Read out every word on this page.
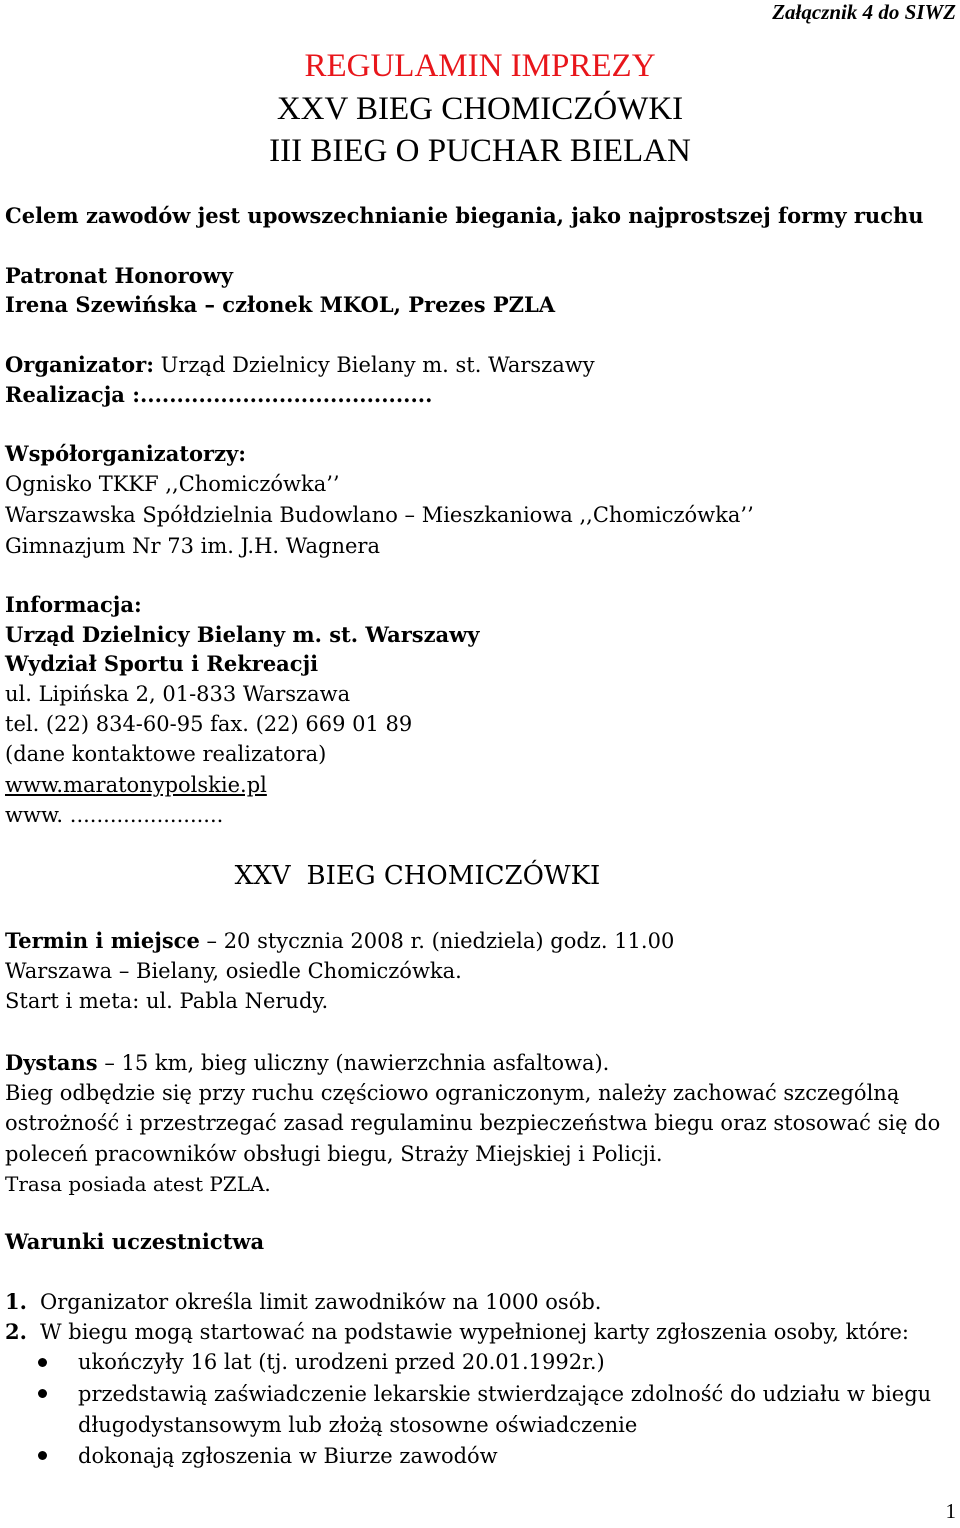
Załącznik 4 do SIWZ
REGULAMIN IMPREZY
XXV BIEG CHOMICZÓWKI
III BIEG O PUCHAR BIELAN
Celem zawodów jest upowszechnianie biegania, jako najprostszej formy ruchu
Patronat Honorowy
Irena Szewińska – członek MKOL, Prezes PZLA
Organizator: Urząd Dzielnicy Bielany m. st. Warszawy
Realizacja :........................................
Współorganizatorzy:
Ognisko TKKF ,,Chomiczówka’’
Warszawska Spółdzielnia Budowlano – Mieszkaniowa ,,Chomiczówka’’
Gimnazjum Nr 73 im. J.H. Wagnera
Informacja:
Urząd Dzielnicy Bielany m. st. Warszawy
Wydział Sportu i Rekreacji
ul. Lipińska 2, 01-833 Warszawa
tel. (22) 834-60-95 fax. (22) 669 01 89
(dane kontaktowe realizatora)
www.maratonypolskie.pl
www. .......................
XXV BIEG CHOMICZÓWKI
Termin i miejsce – 20 stycznia 2008 r. (niedziela) godz. 11.00
Warszawa – Bielany, osiedle Chomiczówka.
Start i meta: ul. Pabla Nerudy.
Dystans – 15 km, bieg uliczny (nawierzchnia asfaltowa).
Bieg odbędzie się przy ruchu częściowo ograniczonym, należy zachować szczególną
ostrożność i przestrzegać zasad regulaminu bezpieczeństwa biegu oraz stosować się do
poleceń pracowników obsługi biegu, Straży Miejskiej i Policji.
Trasa posiada atest PZLA.
Warunki uczestnictwa
1. Organizator określa limit zawodników na 1000 osób.
2. W biegu mogą startować na podstawie wypełnionej karty zgłoszenia osoby, które:
ukończyły 16 lat (tj. urodzeni przed 20.01.1992r.)
przedstawią zaświadczenie lekarskie stwierdzające zdolność do udziału w biegu
długodystansowym lub złożą stosowne oświadczenie
dokonają zgłoszenia w Biurze zawodów
1
